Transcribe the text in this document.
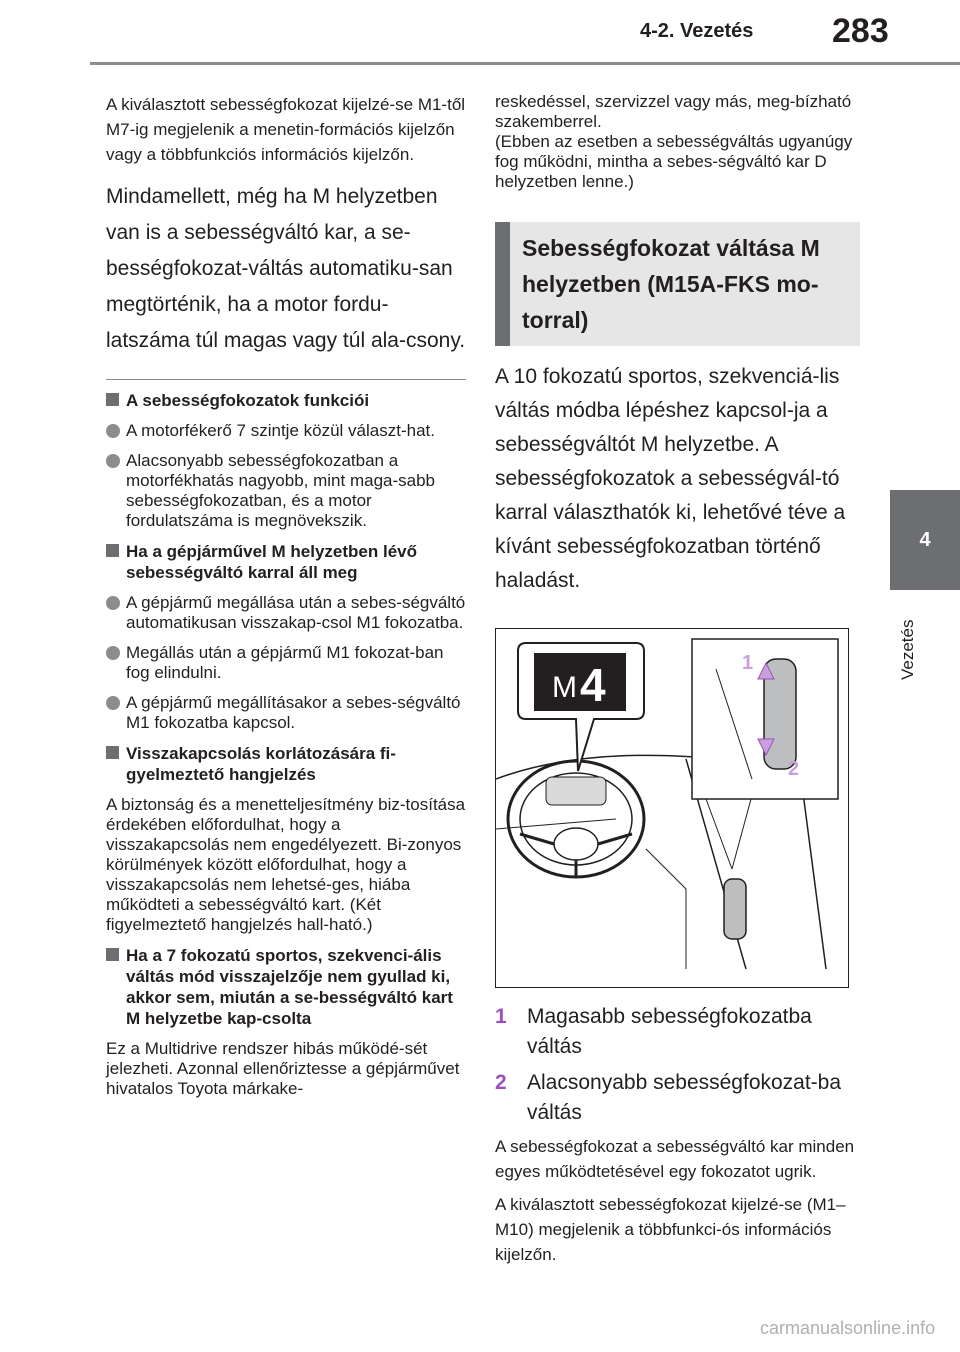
4-2. Vezetés 283
4
Vezetés

A kiválasztott sebességfokozat kijelzé-se M1-től M7-ig megjelenik a menetin-formációs kijelzőn vagy a többfunkciós információs kijelzőn.

Mindamellett, még ha M helyzetben van is a sebességváltó kar, a se-bességfokozat-váltás automatiku-san megtörténik, ha a motor fordu-latszáma túl magas vagy túl ala-csony.

A sebességfokozatok funkciói
A motorfékerő 7 szintje közül választ-hat.
Alacsonyabb sebességfokozatban a motorfékhatás nagyobb, mint maga-sabb sebességfokozatban, és a motor fordulatszáma is megnövekszik.
Ha a gépjárművel M helyzetben lévő sebességváltó karral áll meg
A gépjármű megállása után a sebes-ségváltó automatikusan visszakap-csol M1 fokozatba.
Megállás után a gépjármű M1 fokozat-ban fog elindulni.
A gépjármű megállításakor a sebes-ségváltó M1 fokozatba kapcsol.
Visszakapcsolás korlátozására fi-gyelmeztető hangjelzés

A biztonság és a menetteljesítmény biz-tosítása érdekében előfordulhat, hogy a visszakapcsolás nem engedélyezett. Bi-zonyos körülmények között előfordulhat, hogy a visszakapcsolás nem lehetsé-ges, hiába működteti a sebességváltó kart. (Két figyelmeztető hangjelzés hall-ható.)

Ha a 7 fokozatú sportos, szekvenci-ális váltás mód visszajelzője nem gyullad ki, akkor sem, miután a se-bességváltó kart M helyzetbe kap-csolta

Ez a Multidrive rendszer hibás működé-sét jelezheti. Azonnal ellenőriztesse a gépjárművet hivatalos Toyota márkake-

reskedéssel, szervizzel vagy más, meg-bízható szakemberrel.

(Ebben az esetben a sebességváltás ugyanúgy fog működni, mintha a sebes-ségváltó kar D helyzetben lenne.)

Sebességfokozat váltása M helyzetben (M15A-FKS mo-torral)

A 10 fokozatú sportos, szekvenciá-lis váltás módba lépéshez kapcsol-ja a sebességváltót M helyzetbe. A sebességfokozatok a sebességvál-tó karral választhatók ki, lehetővé téve a kívánt sebességfokozatban történő haladást.

M 4	1
2
1 Magasabb sebességfokozatba váltás
2 Alacsonyabb sebességfokozat-ba váltás

A sebességfokozat a sebességváltó kar minden egyes működtetésével egy fokozatot ugrik.

A kiválasztott sebességfokozat kijelzé-se (M1–M10) megjelenik a többfunkci-ós információs kijelzőn.

carmanualsonline.info
